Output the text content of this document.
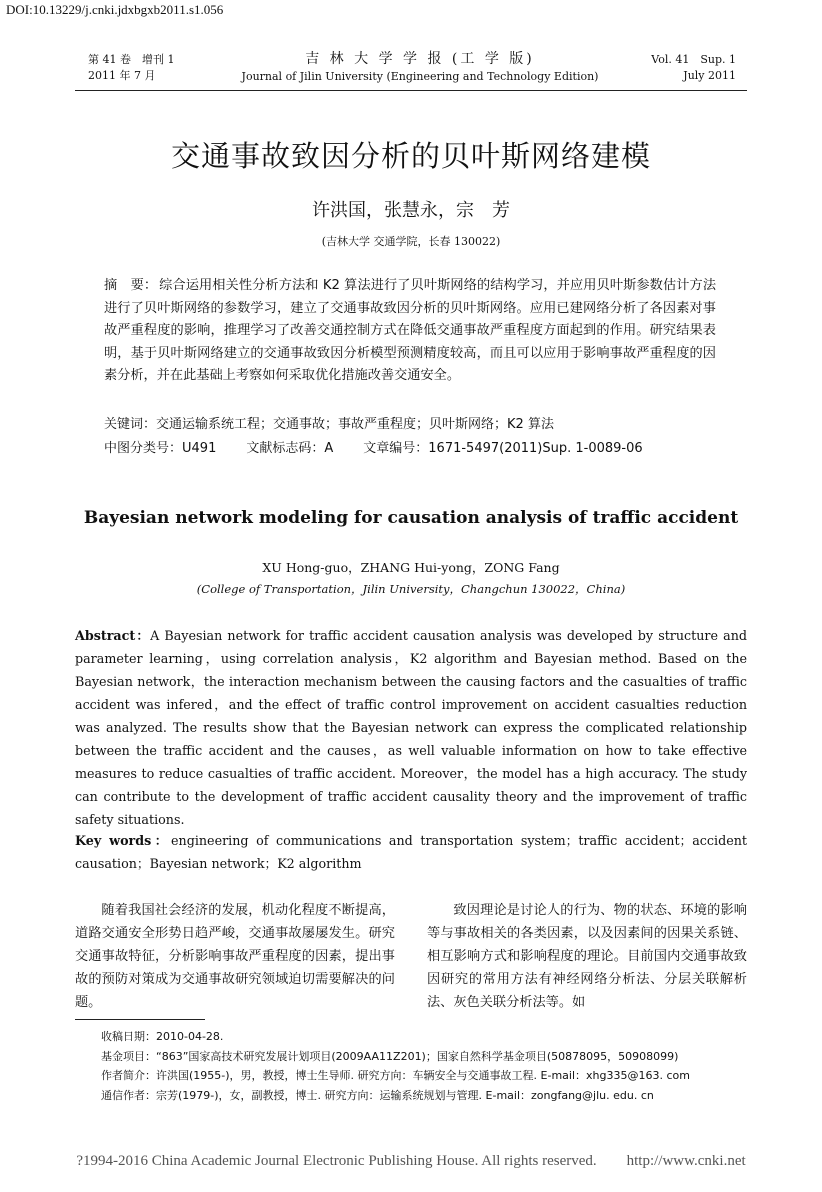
DOI:10.13229/j.cnki.jdxbgxb2011.s1.056
第 41 卷　增刊 1
2011 年 7 月
吉 林 大 学 学 报 (工 学 版)
Journal of Jilin University (Engineering and Technology Edition)
Vol. 41　Sup. 1
July 2011
交通事故致因分析的贝叶斯网络建模
许洪国，张慧永，宗　芳
(吉林大学 交通学院，长春 130022)
摘　要： 综合运用相关性分析方法和 K2 算法进行了贝叶斯网络的结构学习，并应用贝叶斯参数估计方法进行了贝叶斯网络的参数学习，建立了交通事故致因分析的贝叶斯网络。应用已建网络分析了各因素对事故严重程度的影响，推理学习了改善交通控制方式在降低交通事故严重程度方面起到的作用。研究结果表明，基于贝叶斯网络建立的交通事故致因分析模型预测精度较高，而且可以应用于影响事故严重程度的因素分析，并在此基础上考察如何采取优化措施改善交通安全。
关键词：交通运输系统工程；交通事故；事故严重程度；贝叶斯网络；K2 算法
中图分类号：U491 文献标志码：A 文章编号：1671-5497(2011)Sup. 1-0089-06
Bayesian network modeling for causation analysis of traffic accident
XU Hong-guo，ZHANG Hui-yong，ZONG Fang
(College of Transportation，Jilin University，Changchun 130022，China)
Abstract：A Bayesian network for traffic accident causation analysis was developed by structure and parameter learning，using correlation analysis，K2 algorithm and Bayesian method. Based on the Bayesian network，the interaction mechanism between the causing factors and the casualties of traffic accident was infered，and the effect of traffic control improvement on accident casualties reduction was analyzed. The results show that the Bayesian network can express the complicated relationship between the traffic accident and the causes，as well valuable information on how to take effective measures to reduce casualties of traffic accident. Moreover，the model has a high accuracy. The study can contribute to the development of traffic accident causality theory and the improvement of traffic safety situations.
Key words：engineering of communications and transportation system；traffic accident；accident causation；Bayesian network；K2 algorithm

随着我国社会经济的发展，机动化程度不断提高，道路交通安全形势日趋严峻，交通事故屡屡发生。研究交通事故特征，分析影响事故严重程度的因素，提出事故的预防对策成为交通事故研究领域迫切需要解决的问题。

致因理论是讨论人的行为、物的状态、环境的影响等与事故相关的各类因素，以及因素间的因果关系链、相互影响方式和影响程度的理论。目前国内交通事故致因研究的常用方法有神经网络分析法、分层关联解析法、灰色关联分析法等。如

收稿日期：2010-04-28.
基金项目：“863”国家高技术研究发展计划项目(2009AA11Z201)；国家自然科学基金项目(50878095，50908099)
作者简介：许洪国(1955-)，男，教授，博士生导师. 研究方向：车辆安全与交通事故工程. E-mail：xhg335@163. com
通信作者：宗芳(1979-)，女，副教授，博士. 研究方向：运输系统规划与管理. E-mail：zongfang@jlu. edu. cn
?1994-2016 China Academic Journal Electronic Publishing House. All rights reserved.　　http://www.cnki.net
